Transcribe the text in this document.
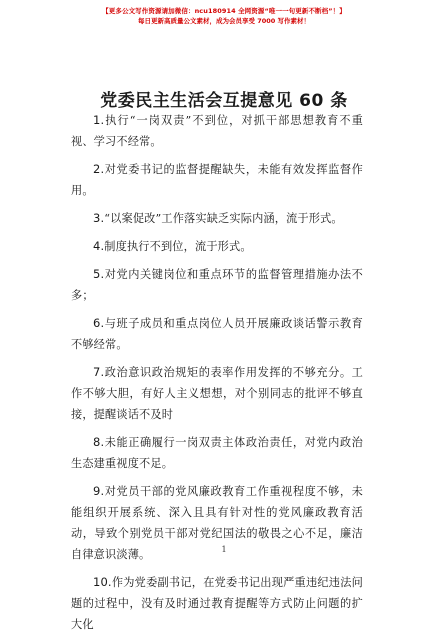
【更多公文写作资源请加微信：ncu180914 全网资源“唯一一句更新不断档”！】
每日更新高质量公文素材，成为会员享受 7000 写作素材！
党委民主生活会互提意见 60 条

1.执行“一岗双责”不到位，对抓干部思想教育不重视、学习不经常。

2.对党委书记的监督提醒缺失，未能有效发挥监督作用。

3.“以案促改”工作落实缺乏实际内涵，流于形式。

4.制度执行不到位，流于形式。

5.对党内关键岗位和重点环节的监督管理措施办法不多；

6.与班子成员和重点岗位人员开展廉政谈话警示教育不够经常。

7.政治意识政治规矩的表率作用发挥的不够充分。工作不够大胆，有好人主义想想，对个别同志的批评不够直接，提醒谈话不及时

8.未能正确履行一岗双责主体政治责任，对党内政治生态建重视度不足。

9.对党员干部的党风廉政教育工作重视程度不够，未能组织开展系统、深入且具有针对性的党风廉政教育活动，导致个别党员干部对党纪国法的敬畏之心不足，廉洁自律意识淡薄。

10.作为党委副书记，在党委书记出现严重违纪违法问题的过程中，没有及时通过教育提醒等方式防止问题的扩大化

1
